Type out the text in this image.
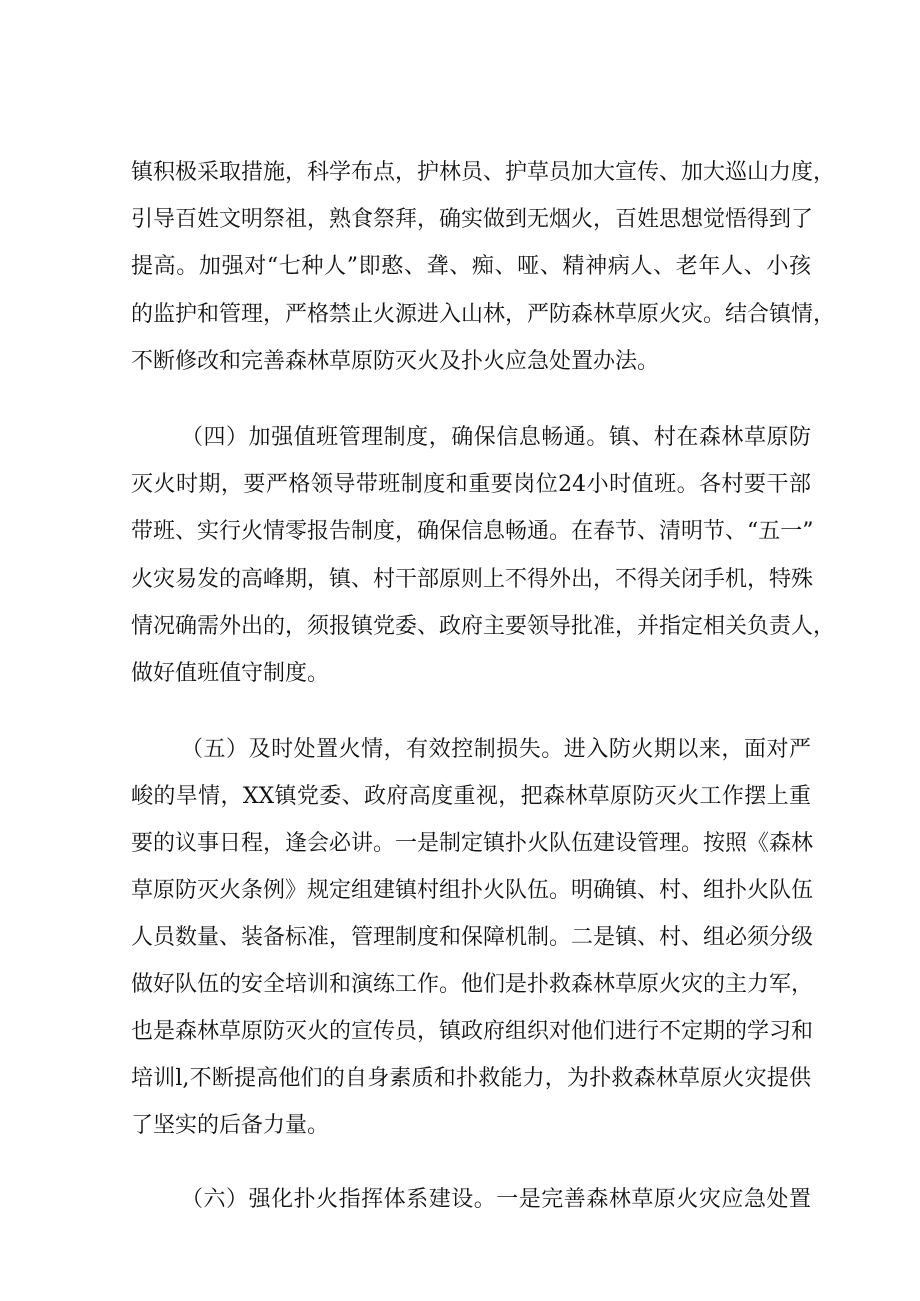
镇积极采取措施，科学布点，护林员、护草员加大宣传、加大巡山力度，
引导百姓文明祭祖，熟食祭拜，确实做到无烟火，百姓思想觉悟得到了
提高。加强对“七种人”即憨、聋、痴、哑、精神病人、老年人、小孩
的监护和管理，严格禁止火源进入山林，严防森林草原火灾。结合镇情，
不断修改和完善森林草原防灭火及扑火应急处置办法。
（四）加强值班管理制度，确保信息畅通。镇、村在森林草原防
灭火时期，要严格领导带班制度和重要岗位24小时值班。各村要干部
带班、实行火情零报告制度，确保信息畅通。在春节、清明节、“五一”
火灾易发的高峰期，镇、村干部原则上不得外出，不得关闭手机，特殊
情况确需外出的，须报镇党委、政府主要领导批准，并指定相关负责人，
做好值班值守制度。
（五）及时处置火情，有效控制损失。进入防火期以来，面对严
峻的旱情，XX镇党委、政府高度重视，把森林草原防灭火工作摆上重
要的议事日程，逢会必讲。一是制定镇扑火队伍建设管理。按照《森林
草原防灭火条例》规定组建镇村组扑火队伍。明确镇、村、组扑火队伍
人员数量、装备标准，管理制度和保障机制。二是镇、村、组必须分级
做好队伍的安全培训和演练工作。他们是扑救森林草原火灾的主力军，
也是森林草原防灭火的宣传员，镇政府组织对他们进行不定期的学习和
培训l,不断提高他们的自身素质和扑救能力，为扑救森林草原火灾提供
了坚实的后备力量。
（六）强化扑火指挥体系建设。一是完善森林草原火灾应急处置
